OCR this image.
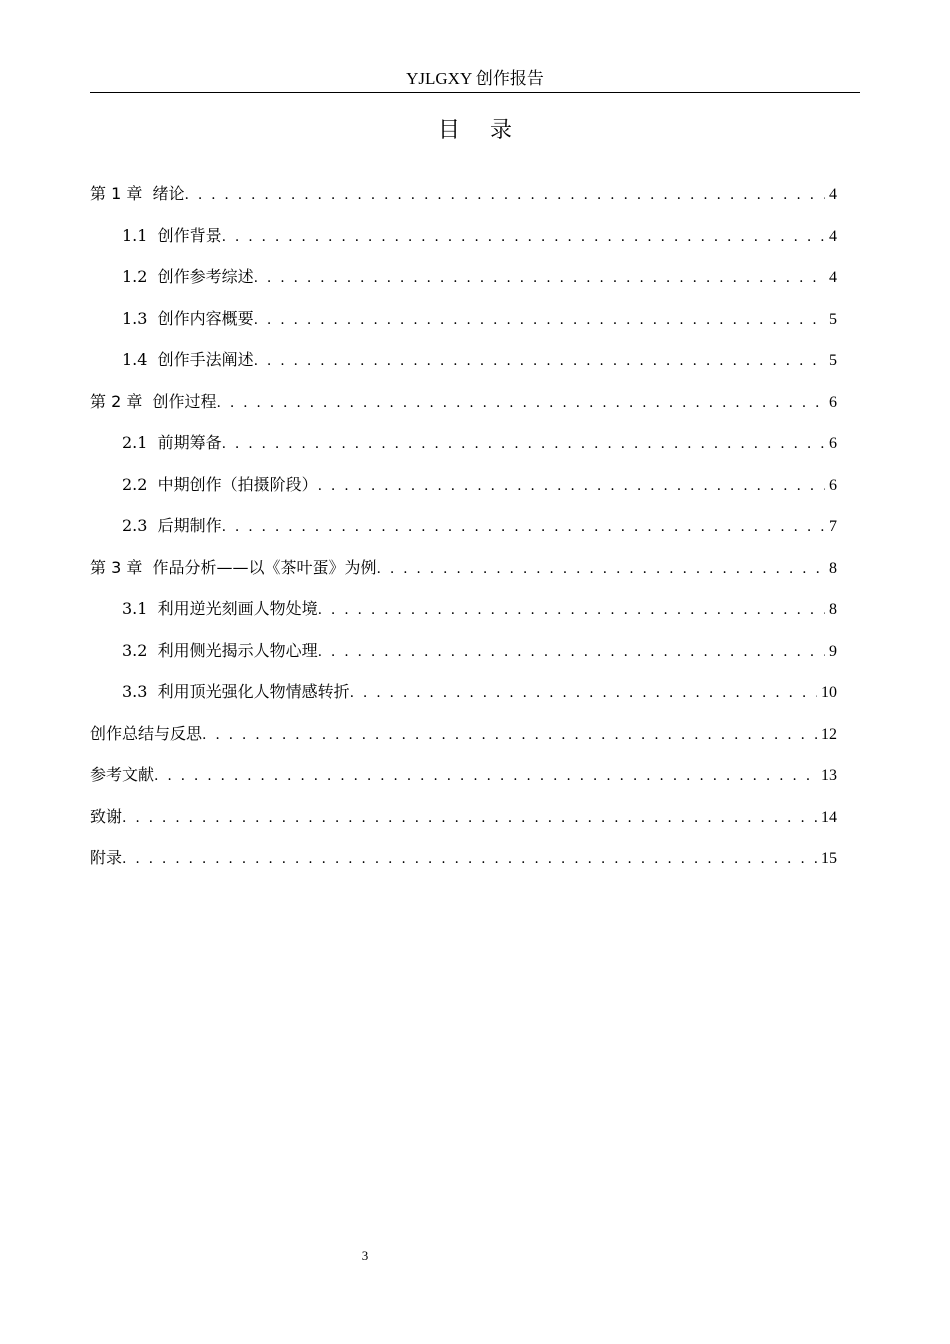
YJLGXY 创作报告
目录
第 1 章  绪论 . . .	4
1.1  创作背景 . . .	4
1.2  创作参考综述 . . .	4
1.3  创作内容概要 . . .	5
1.4  创作手法阐述 . . .	5
第 2 章  创作过程 . . .	6
2.1  前期筹备 . . .	6
2.2  中期创作（拍摄阶段） . . .	6
2.3  后期制作 . . .	7
第 3 章  作品分析——以《茶叶蛋》为例 . . .	8
3.1  利用逆光刻画人物处境 . . .	8
3.2  利用侧光揭示人物心理 . . .	9
3.3  利用顶光强化人物情感转折 . . .	10
创作总结与反思 . . .	12
参考文献 . . .	13
致谢 . . .	14
附录 . . .	15
3
